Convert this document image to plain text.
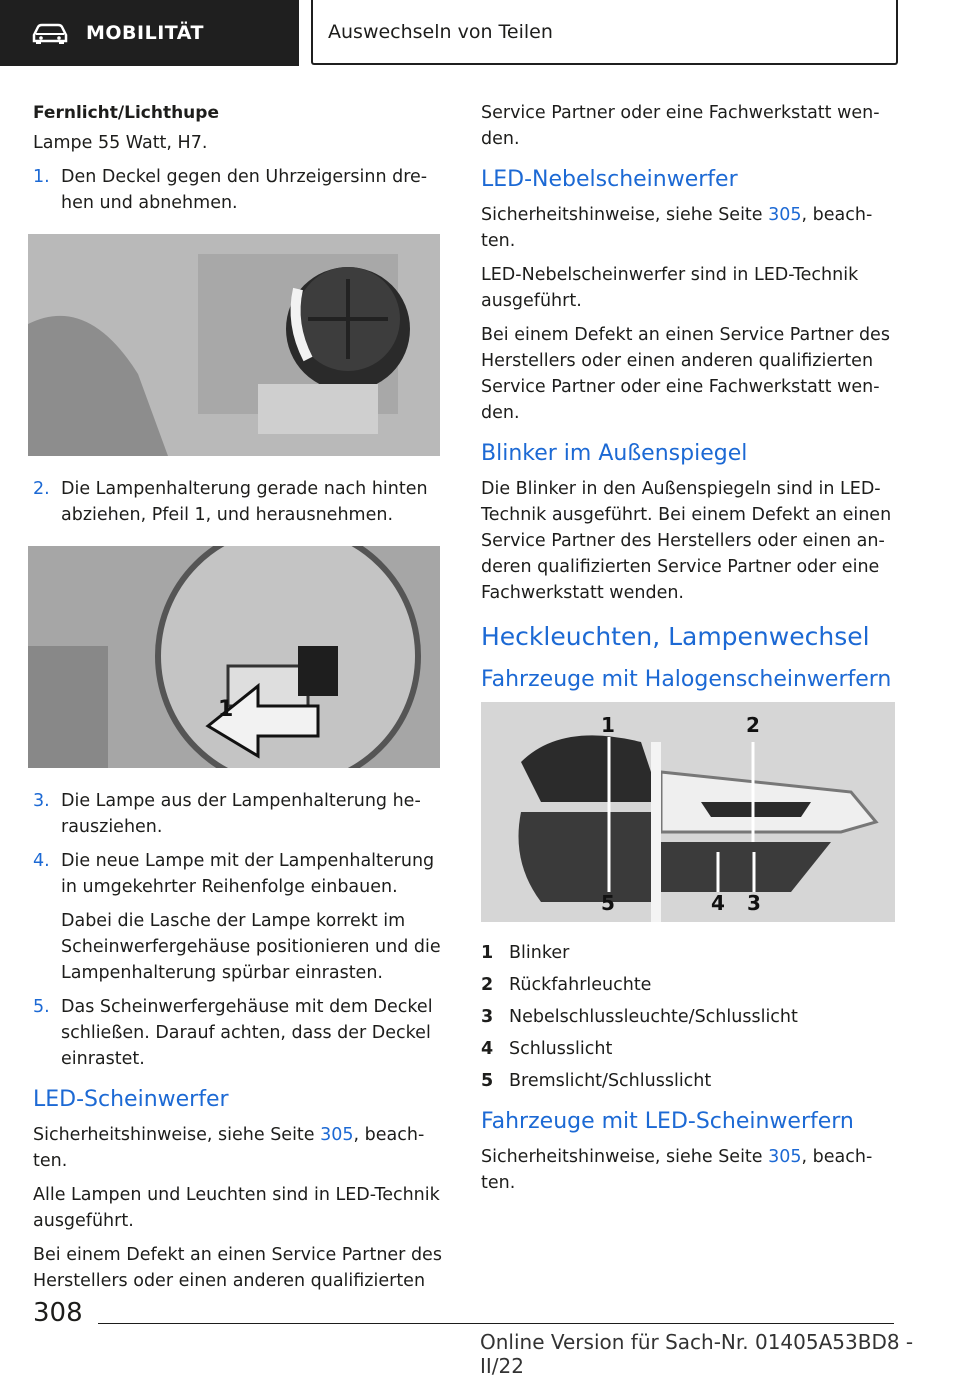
MOBILITÄT	Auswechseln von Teilen

Fernlicht/Lichthupe

Lampe 55 Watt, H7.

1. Den Deckel gegen den Uhrzeigersinn drehen und abnehmen.
2. Die Lampenhalterung gerade nach hinten abziehen, Pfeil 1, und herausnehmen.
1
3. Die Lampe aus der Lampenhalterung herausziehen.
4. Die neue Lampe mit der Lampenhalterung in umgekehrter Reihenfolge einbauen.

Dabei die Lasche der Lampe korrekt im Scheinwerfergehäuse positionieren und die Lampenhalterung spürbar einrasten.
5. Das Scheinwerfergehäuse mit dem Deckel schließen. Darauf achten, dass der Deckel einrastet.
LED-Scheinwerfer

Sicherheitshinweise, siehe Seite 305, beachten.

Alle Lampen und Leuchten sind in LED-Technik ausgeführt.

Bei einem Defekt an einen Service Partner des Herstellers oder einen anderen qualifizierten

Service Partner oder eine Fachwerkstatt wenden.

LED-Nebelscheinwerfer

Sicherheitshinweise, siehe Seite 305, beachten.

LED-Nebelscheinwerfer sind in LED-Technik ausgeführt.

Bei einem Defekt an einen Service Partner des Herstellers oder einen anderen qualifizierten Service Partner oder eine Fachwerkstatt wenden.

Blinker im Außenspiegel

Die Blinker in den Außenspiegeln sind in LED-Technik ausgeführt. Bei einem Defekt an einen Service Partner des Herstellers oder einen anderen qualifizierten Service Partner oder eine Fachwerkstatt wenden.

Heckleuchten, Lampenwechsel
Fahrzeuge mit Halogenscheinwerfern
1	2
5	4 3
1 Blinker
2 Rückfahrleuchte
3 Nebelschlussleuchte/Schlusslicht
4 Schlusslicht
5 Bremslicht/Schlusslicht
Fahrzeuge mit LED-Scheinwerfern

Sicherheitshinweise, siehe Seite 305, beachten.

308
Online Version für Sach-Nr. 01405A53BD8 - II/22
